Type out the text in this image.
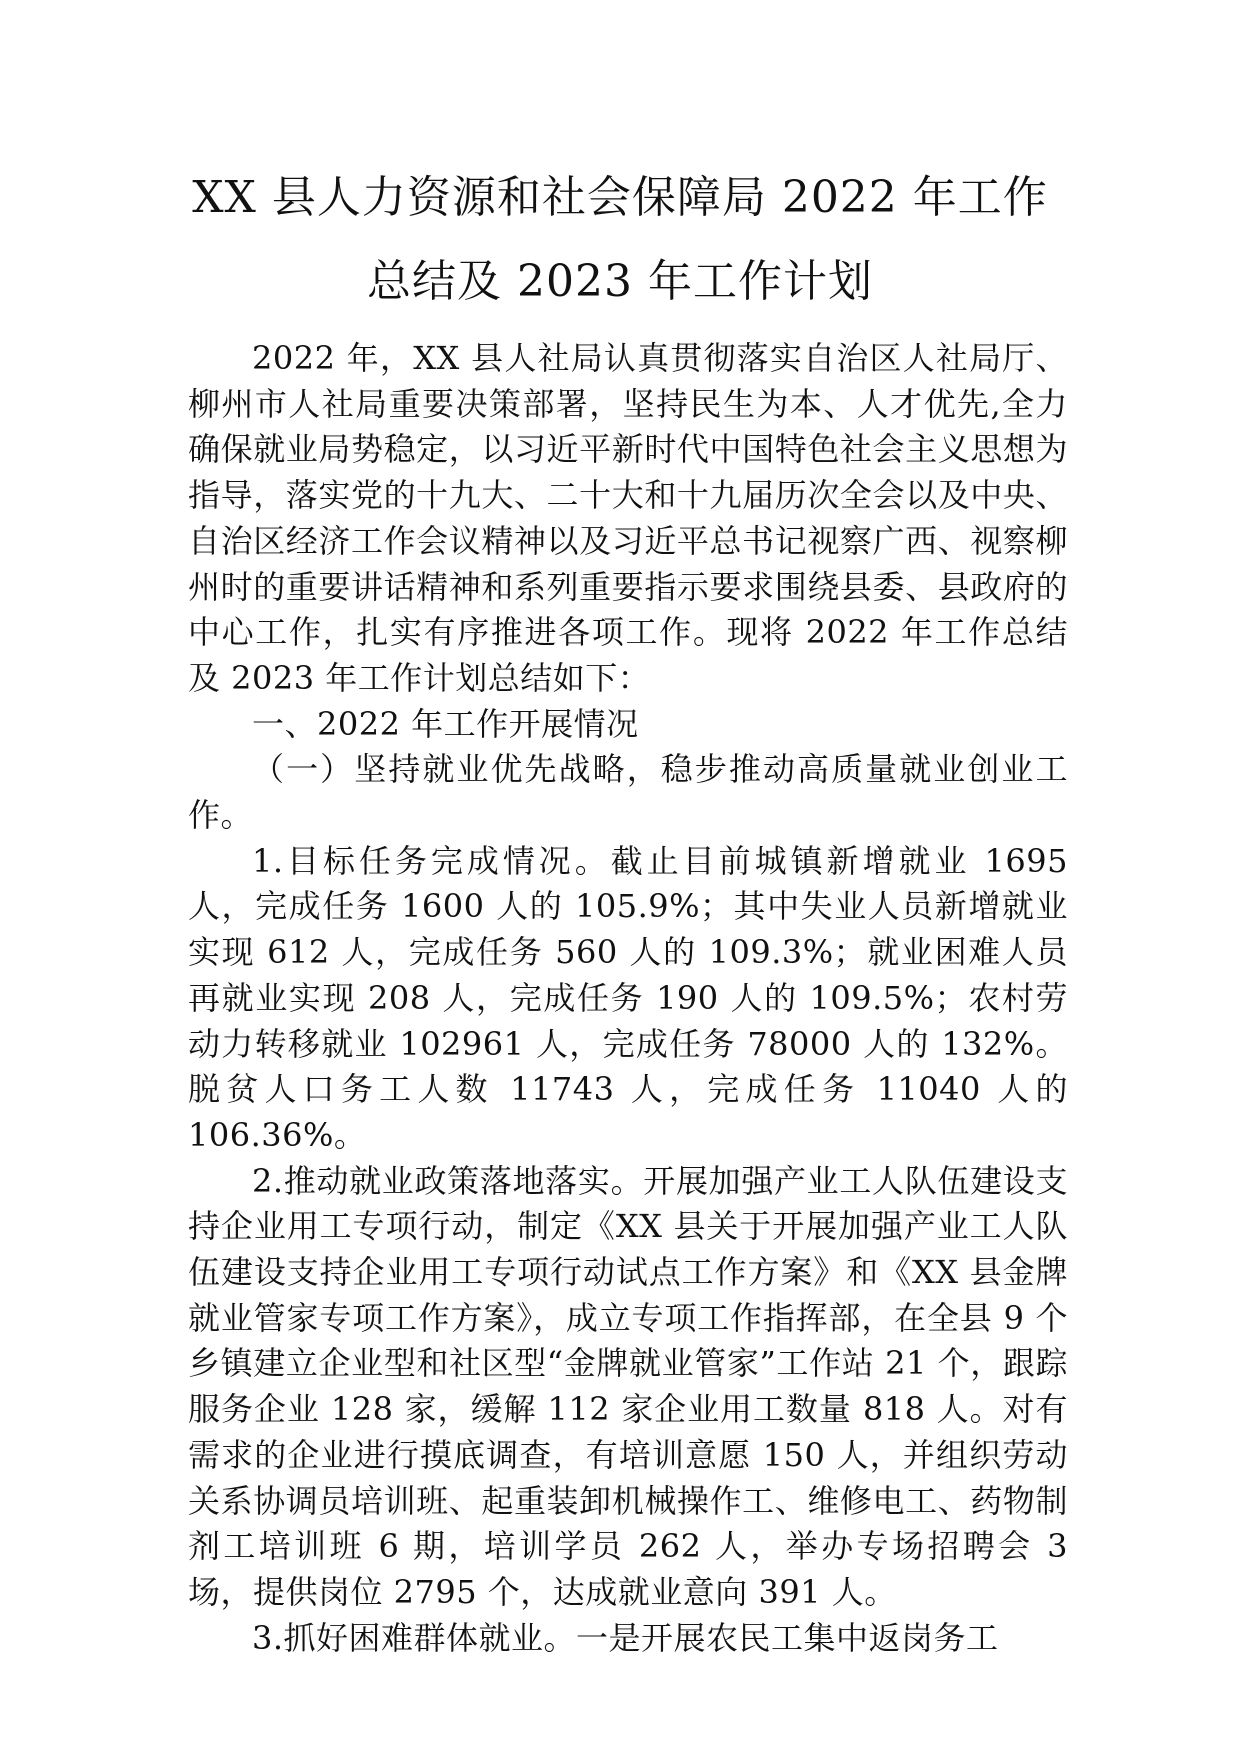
XX 县人力资源和社会保障局 2022 年工作
总结及 2023 年工作计划

2022 年，XX 县人社局认真贯彻落实自治区人社局厅、柳州市人社局重要决策部署，坚持民生为本、人才优先,全力确保就业局势稳定，以习近平新时代中国特色社会主义思想为指导，落实党的十九大、二十大和十九届历次全会以及中央、自治区经济工作会议精神以及习近平总书记视察广西、视察柳州时的重要讲话精神和系列重要指示要求围绕县委、县政府的中心工作，扎实有序推进各项工作。现将 2022 年工作总结及 2023 年工作计划总结如下：

一、2022 年工作开展情况

（一）坚持就业优先战略，稳步推动高质量就业创业工作。

1.目标任务完成情况。截止目前城镇新增就业 1695 人，完成任务 1600 人的 105.9%；其中失业人员新增就业实现 612 人，完成任务 560 人的 109.3%；就业困难人员再就业实现 208 人，完成任务 190 人的 109.5%；农村劳动力转移就业 102961 人，完成任务 78000 人的 132%。脱贫人口务工人数 11743 人，完成任务 11040 人的 106.36%。

2.推动就业政策落地落实。开展加强产业工人队伍建设支持企业用工专项行动，制定《XX 县关于开展加强产业工人队伍建设支持企业用工专项行动试点工作方案》和《XX 县金牌就业管家专项工作方案》，成立专项工作指挥部，在全县 9 个乡镇建立企业型和社区型“金牌就业管家”工作站 21 个，跟踪服务企业 128 家，缓解 112 家企业用工数量 818 人。对有需求的企业进行摸底调查，有培训意愿 150 人，并组织劳动关系协调员培训班、起重装卸机械操作工、维修电工、药物制剂工培训班 6 期，培训学员 262 人，举办专场招聘会 3 场，提供岗位 2795 个，达成就业意向 391 人。

3.抓好困难群体就业。一是开展农民工集中返岗务工
